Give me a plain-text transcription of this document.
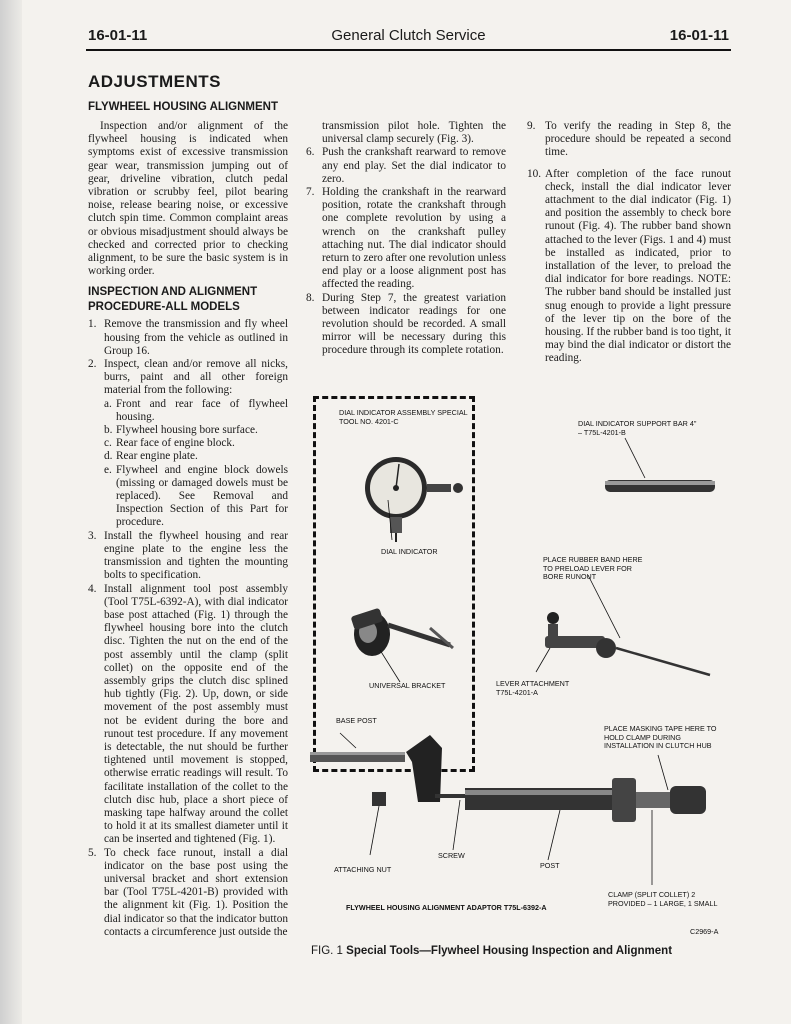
16-01-11	General Clutch Service	16-01-11
ADJUSTMENTS
FLYWHEEL HOUSING ALIGNMENT

Inspection and/or alignment of the flywheel housing is indicated when symptoms exist of excessive transmission gear wear, transmission jumping out of gear, driveline vibration, clutch pedal vibration or scrubby feel, pilot bearing noise, release bearing noise, or excessive clutch spin time. Common complaint areas or obvious misadjustment should always be checked and corrected prior to checking alignment, to be sure the basic system is in working order.

INSPECTION AND ALIGNMENT PROCEDURE-ALL MODELS
1. Remove the transmission and fly wheel housing from the vehicle as outlined in Group 16.
2. Inspect, clean and/or remove all nicks, burrs, paint and all other foreign material from the following:
a. Front and rear face of flywheel housing.
b. Flywheel housing bore surface.
c. Rear face of engine block.
d. Rear engine plate.
e. Flywheel and engine block dowels (missing or damaged dowels must be replaced). See Removal and Inspection Section of this Part for procedure.
3. Install the flywheel housing and rear engine plate to the engine less the transmission and tighten the mounting bolts to specification.
4. Install alignment tool post assembly (Tool T75L-6392-A), with dial indicator base post attached (Fig. 1) through the flywheel housing bore into the clutch disc. Tighten the nut on the end of the post assembly until the clamp (split collet) on the opposite end of the assembly grips the clutch disc splined hub tightly (Fig. 2). Up, down, or side movement of the post assembly must not be evident during the bore and runout test procedure. If any movement is detectable, the nut should be further tightened until movement is stopped, otherwise erratic readings will result. To facilitate installation of the collet to the clutch disc hub, place a short piece of masking tape halfway around the collet to hold it at its smallest diameter until it can be inserted and tightened (Fig. 1).
5. To check face runout, install a dial indicator on the base post using the universal bracket and short extension bar (Tool T75L-4201-B) provided with the alignment kit (Fig. 1). Position the dial indicator so that the indicator button contacts a circumference just outside the

transmission pilot hole. Tighten the universal clamp securely (Fig. 3).

6. Push the crankshaft rearward to remove any end play. Set the dial indicator to zero.
7. Holding the crankshaft in the rearward position, rotate the crankshaft through one complete revolution by using a wrench on the crankshaft pulley attaching nut. The dial indicator should return to zero after one revolution unless end play or a loose alignment post has affected the reading.
8. During Step 7, the greatest variation between indicator readings for one revolution should be recorded. A small mirror will be necessary during this procedure through its complete rotation.
9. To verify the reading in Step 8, the procedure should be repeated a second time.
10. After completion of the face runout check, install the dial indicator lever attachment to the dial indicator (Fig. 1) and position the assembly to check bore runout (Fig. 4). The rubber band shown attached to the lever (Figs. 1 and 4) must be installed as indicated, prior to installation of the lever, to preload the dial indicator for bore readings. NOTE: The rubber band should be installed just snug enough to provide a light pressure of the lever tip on the bore of the housing. If the rubber band is too tight, it may bind the dial indicator or distort the reading.
DIAL INDICATOR ASSEMBLY SPECIAL TOOL NO. 4201-C
DIAL INDICATOR
UNIVERSAL BRACKET
BASE POST
DIAL INDICATOR SUPPORT BAR 4" – T75L-4201-B
PLACE RUBBER BAND HERE TO PRELOAD LEVER FOR BORE RUNOUT
LEVER ATTACHMENT T75L-4201-A
PLACE MASKING TAPE HERE TO HOLD CLAMP DURING INSTALLATION IN CLUTCH HUB
SCREW
ATTACHING NUT	POST
FLYWHEEL HOUSING ALIGNMENT ADAPTOR T75L-6392-A
CLAMP (SPLIT COLLET) 2 PROVIDED – 1 LARGE, 1 SMALL
C2969-A
FIG. 1 Special Tools—Flywheel Housing Inspection and Alignment
